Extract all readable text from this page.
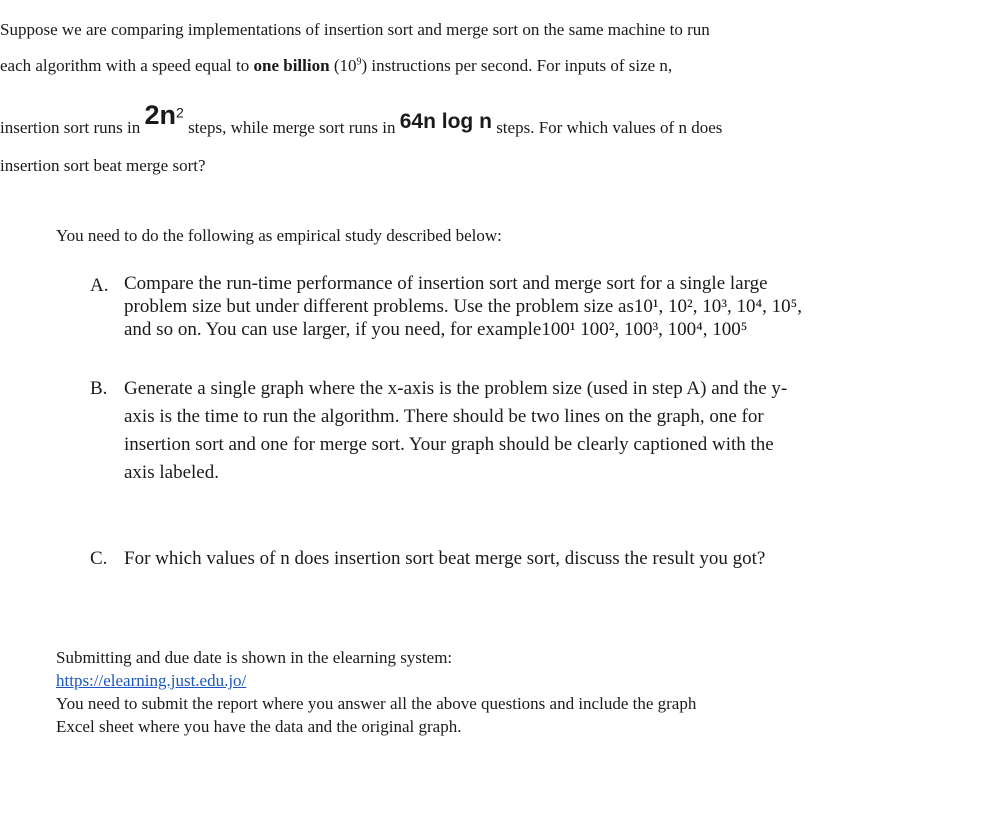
Suppose we are comparing implementations of insertion sort and merge sort on the same machine to run
each algorithm with a speed equal to one billion $(10^9)$ instructions per second. For inputs of size n,
insertion sort runs in $2n^2$ steps, while merge sort runs in 64n log n steps. For which values of n does
insertion sort beat merge sort?
You need to do the following as empirical study described below:
A. Compare the run-time performance of insertion sort and merge sort for a single large
problem size but under different problems. Use the problem size as10¹, 10², 10³, 10⁴, 10⁵,
and so on. You can use larger, if you need, for example100¹ 100², 100³, 100⁴, 100⁵
B. Generate a single graph where the x-axis is the problem size (used in step A) and the y-
axis is the time to run the algorithm. There should be two lines on the graph, one for
insertion sort and one for merge sort. Your graph should be clearly captioned with the
axis labeled.
C. For which values of n does insertion sort beat merge sort, discuss the result you got?
Submitting and due date is shown in the elearning system:
https://elearning.just.edu.jo/
You need to submit the report where you answer all the above questions and include the graph
Excel sheet where you have the data and the original graph.
